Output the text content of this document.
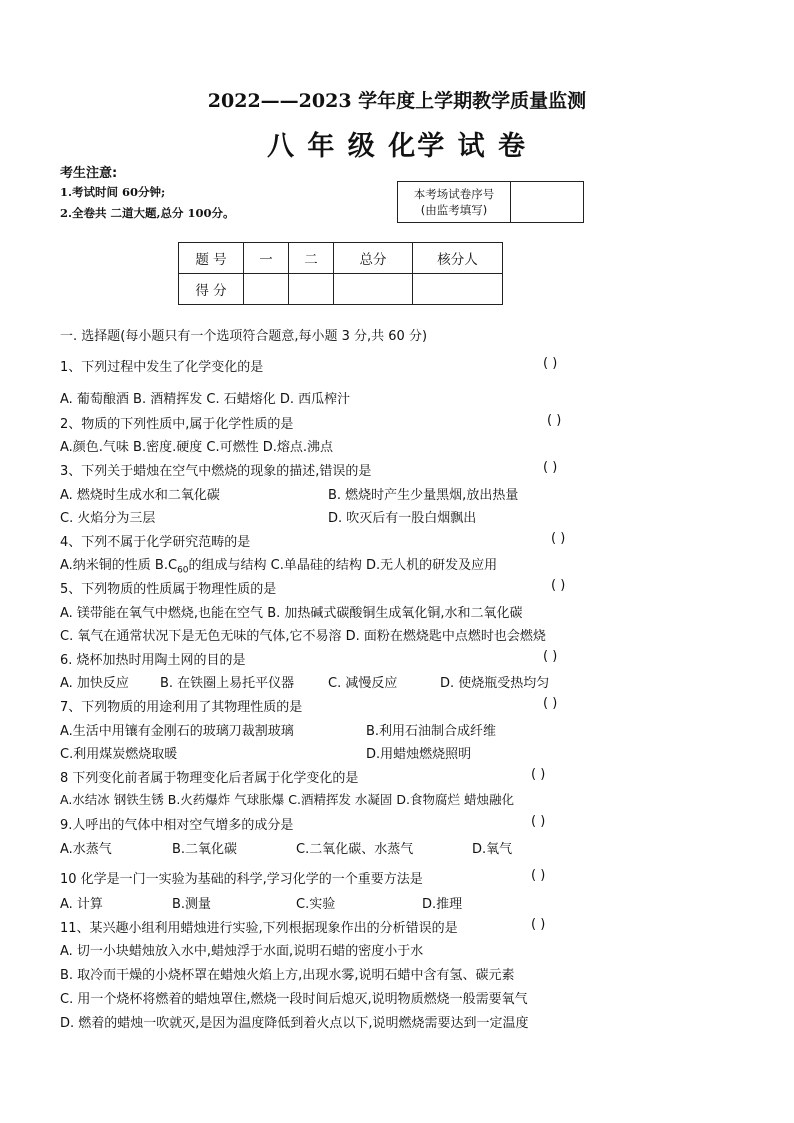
2022——2023 学年度上学期教学质量监测
八 年 级 化学 试 卷
考生注意:
1.考试时间 60分钟;
2.全卷共 二道大题,总分 100分。
本考场试卷序号
(由监考填写)	
题 号	一	二	总分	核分人
得 分				
一. 选择题(每小题只有一个选项符合题意,每小题 3 分,共 60 分)
1、下列过程中发生了化学变化的是	( )
A. 葡萄酿酒 B. 酒精挥发 C. 石蜡熔化 D. 西瓜榨汁
2、物质的下列性质中,属于化学性质的是	( )
A.颜色.气味 B.密度.硬度 C.可燃性 D.熔点.沸点
3、下列关于蜡烛在空气中燃烧的现象的描述,错误的是	( )
A. 燃烧时生成水和二氧化碳	B. 燃烧时产生少量黑烟,放出热量
C. 火焰分为三层	D. 吹灭后有一股白烟飘出
4、下列不属于化学研究范畴的是	( )
A.纳米铜的性质 $B.C_{60}$的组成与结构 C.单晶硅的结构 D.无人机的研发及应用
5、下列物质的性质属于物理性质的是	( )
A. 镁带能在氧气中燃烧,也能在空气 B. 加热碱式碳酸铜生成氧化铜,水和二氧化碳
C. 氧气在通常状况下是无色无味的气体,它不易溶 D. 面粉在燃烧匙中点燃时也会燃烧
6. 烧杯加热时用陶土网的目的是	( )
A. 加快反应 B. 在铁圈上易托平仪器	C. 减慢反应	D. 使烧瓶受热均匀
7、下列物质的用途利用了其物理性质的是	( )
A.生活中用镶有金刚石的玻璃刀裁割玻璃	B.利用石油制合成纤维
C.利用煤炭燃烧取暖	D.用蜡烛燃烧照明
8 下列变化前者属于物理变化后者属于化学变化的是	( )
A.水结冰 钢铁生锈 B.火药爆炸 气球胀爆 C.酒精挥发 水凝固 D.食物腐烂 蜡烛融化
9.人呼出的气体中相对空气增多的成分是	( )
A.水蒸气	B.二氧化碳	C.二氧化碳、水蒸气	D.氧气
10 化学是一门一实验为基础的科学,学习化学的一个重要方法是	( )
A. 计算	B.测量	C.实验	D.推理
11、某兴趣小组利用蜡烛进行实验,下列根据现象作出的分析错误的是	( )
A. 切一小块蜡烛放入水中,蜡烛浮于水面,说明石蜡的密度小于水
B. 取冷而干燥的小烧杯罩在蜡烛火焰上方,出现水雾,说明石蜡中含有氢、碳元素
C. 用一个烧杯将燃着的蜡烛罩住,燃烧一段时间后熄灭,说明物质燃烧一般需要氧气
D. 燃着的蜡烛一吹就灭,是因为温度降低到着火点以下,说明燃烧需要达到一定温度
